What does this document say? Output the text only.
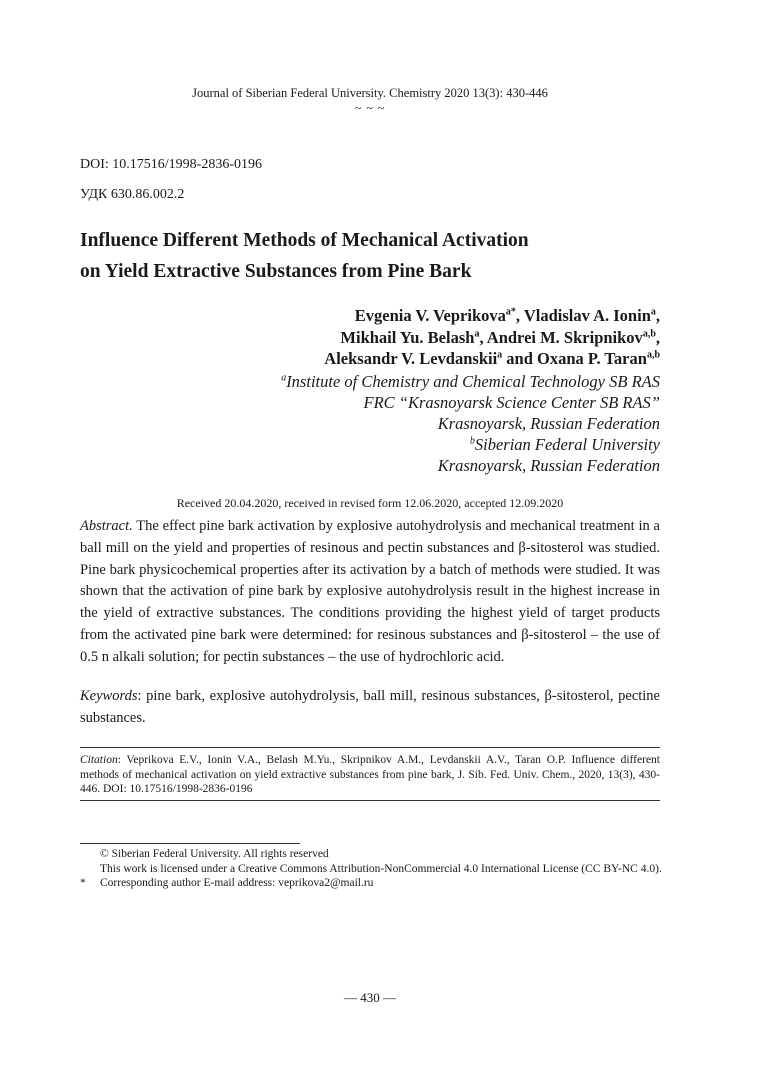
Journal of Siberian Federal University. Chemistry 2020 13(3): 430-446
~ ~ ~
DOI: 10.17516/1998-2836-0196
УДК 630.86.002.2
Influence Different Methods of Mechanical Activation
on Yield Extractive Substances from Pine Bark
Evgenia V. Veprikova$^{a*}$, Vladislav A. Ionin$^a$,
Mikhail Yu. Belash$^a$, Andrei M. Skripnikov$^{a,b}$,
Aleksandr V. Levdanskii$^a$ and Oxana P. Taran$^{a,b}$
$^a$Institute of Chemistry and Chemical Technology SB RAS
FRC “Krasnoyarsk Science Center SB RAS”
Krasnoyarsk, Russian Federation
$^b$Siberian Federal University
Krasnoyarsk, Russian Federation
Received 20.04.2020, received in revised form 12.06.2020, accepted 12.09.2020
Abstract. The effect pine bark activation by explosive autohydrolysis and mechanical treatment in a ball mill on the yield and properties of resinous and pectin substances and β-sitosterol was studied. Pine bark physicochemical properties after its activation by a batch of methods were studied. It was shown that the activation of pine bark by explosive autohydrolysis result in the highest increase in the yield of extractive substances. The conditions providing the highest yield of target products from the activated pine bark were determined: for resinous substances and β-sitosterol – the use of 0.5 n alkali solution; for pectin substances – the use of hydrochloric acid.
Keywords: pine bark, explosive autohydrolysis, ball mill, resinous substances, β-sitosterol, pectine substances.
Citation: Veprikova E.V., Ionin V.A., Belash M.Yu., Skripnikov A.M., Levdanskii A.V., Taran O.P. Influence different methods of mechanical activation on yield extractive substances from pine bark, J. Sib. Fed. Univ. Chem., 2020, 13(3), 430-446. DOI: 10.17516/1998-2836-0196
© Siberian Federal University. All rights reserved
This work is licensed under a Creative Commons Attribution-NonCommercial 4.0 International License (CC BY-NC 4.0).
*	Corresponding author E-mail address: veprikova2@mail.ru
— 430 —
